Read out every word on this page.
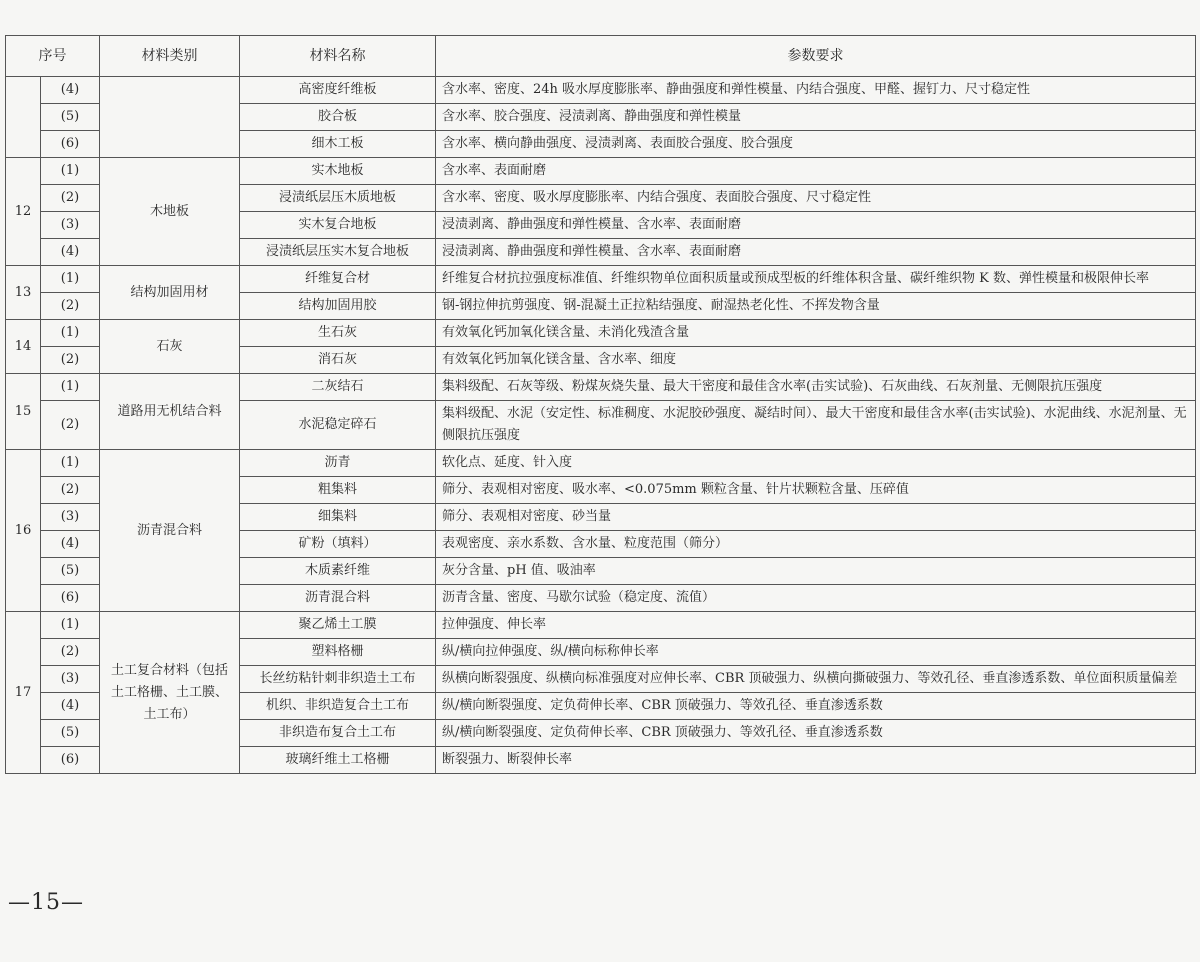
序号		材料类别	材料名称	参数要求
	(4)		高密度纤维板	含水率、密度、24h 吸水厚度膨胀率、静曲强度和弹性模量、内结合强度、甲醛、握钉力、尺寸稳定性
	(5)		胶合板	含水率、胶合强度、浸渍剥离、静曲强度和弹性模量
	(6)		细木工板	含水率、横向静曲强度、浸渍剥离、表面胶合强度、胶合强度
12	(1)	木地板	实木地板	含水率、表面耐磨
	(2)		浸渍纸层压木质地板	含水率、密度、吸水厚度膨胀率、内结合强度、表面胶合强度、尺寸稳定性
	(3)		实木复合地板	浸渍剥离、静曲强度和弹性模量、含水率、表面耐磨
	(4)		浸渍纸层压实木复合地板	浸渍剥离、静曲强度和弹性模量、含水率、表面耐磨
13	(1)	结构加固用材	纤维复合材	纤维复合材抗拉强度标准值、纤维织物单位面积质量或预成型板的纤维体积含量、碳纤维织物 K 数、弹性模量和极限伸长率
	(2)		结构加固用胶	钢-钢拉伸抗剪强度、钢-混凝土正拉粘结强度、耐湿热老化性、不挥发物含量
14	(1)	石灰	生石灰	有效氧化钙加氧化镁含量、未消化残渣含量
	(2)		消石灰	有效氧化钙加氧化镁含量、含水率、细度
15	(1)	道路用无机结合料	二灰结石	集料级配、石灰等级、粉煤灰烧失量、最大干密度和最佳含水率(击实试验)、石灰曲线、石灰剂量、无侧限抗压强度
	(2)		水泥稳定碎石	集料级配、水泥（安定性、标准稠度、水泥胶砂强度、凝结时间）、最大干密度和最佳含水率(击实试验)、水泥曲线、水泥剂量、无侧限抗压强度
16	(1)	沥青混合料	沥青	软化点、延度、针入度
	(2)		粗集料	筛分、表观相对密度、吸水率、<0.075mm 颗粒含量、针片状颗粒含量、压碎值
	(3)		细集料	筛分、表观相对密度、砂当量
	(4)		矿粉（填料）	表观密度、亲水系数、含水量、粒度范围（筛分）
	(5)		木质素纤维	灰分含量、pH 值、吸油率
	(6)		沥青混合料	沥青含量、密度、马歇尔试验（稳定度、流值）
17	(1)	土工复合材料（包括土工格栅、土工膜、土工布）	聚乙烯土工膜	拉伸强度、伸长率
	(2)		塑料格栅	纵/横向拉伸强度、纵/横向标称伸长率
	(3)		长丝纺粘针刺非织造土工布	纵横向断裂强度、纵横向标准强度对应伸长率、CBR 顶破强力、纵横向撕破强力、等效孔径、垂直渗透系数、单位面积质量偏差
	(4)		机织、非织造复合土工布	纵/横向断裂强度、定负荷伸长率、CBR 顶破强力、等效孔径、垂直渗透系数
	(5)		非织造布复合土工布	纵/横向断裂强度、定负荷伸长率、CBR 顶破强力、等效孔径、垂直渗透系数
	(6)		玻璃纤维土工格栅	断裂强力、断裂伸长率
—15—
